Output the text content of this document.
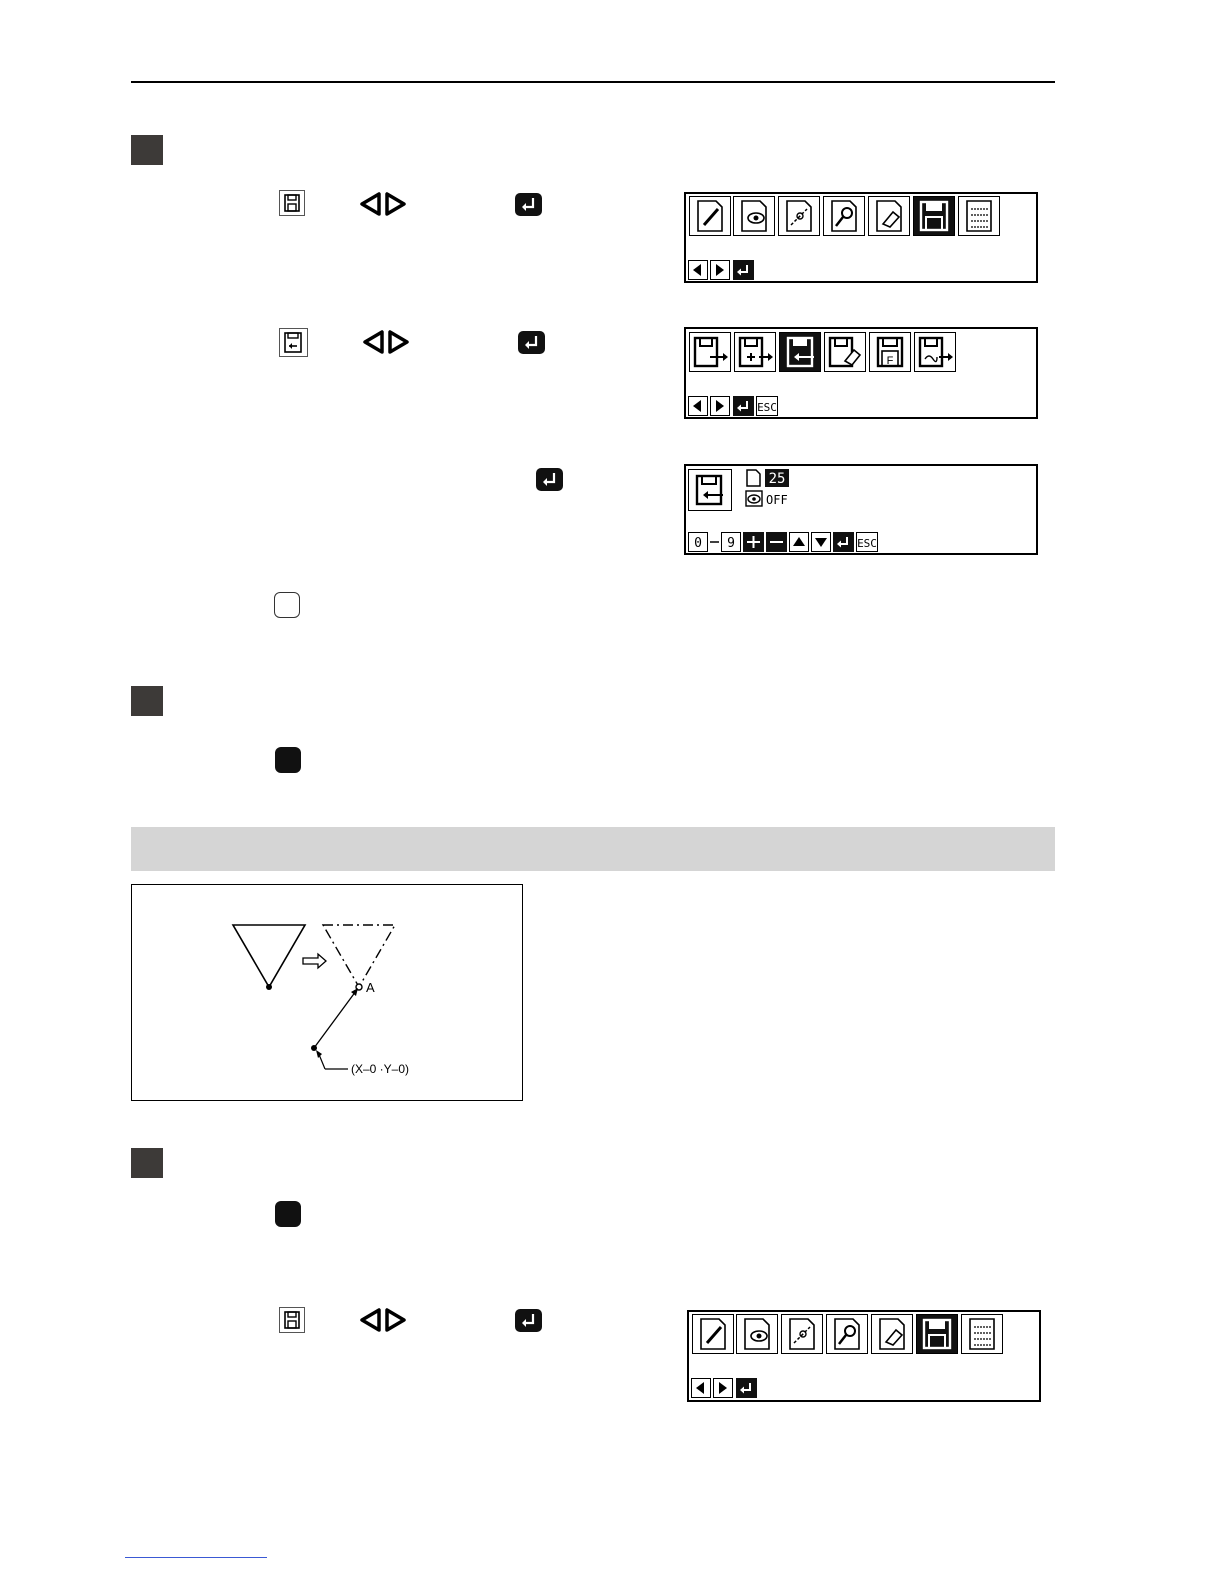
F
ESC
25
OFF
0 9	ESC
A
(X–0 ·Y–0)
